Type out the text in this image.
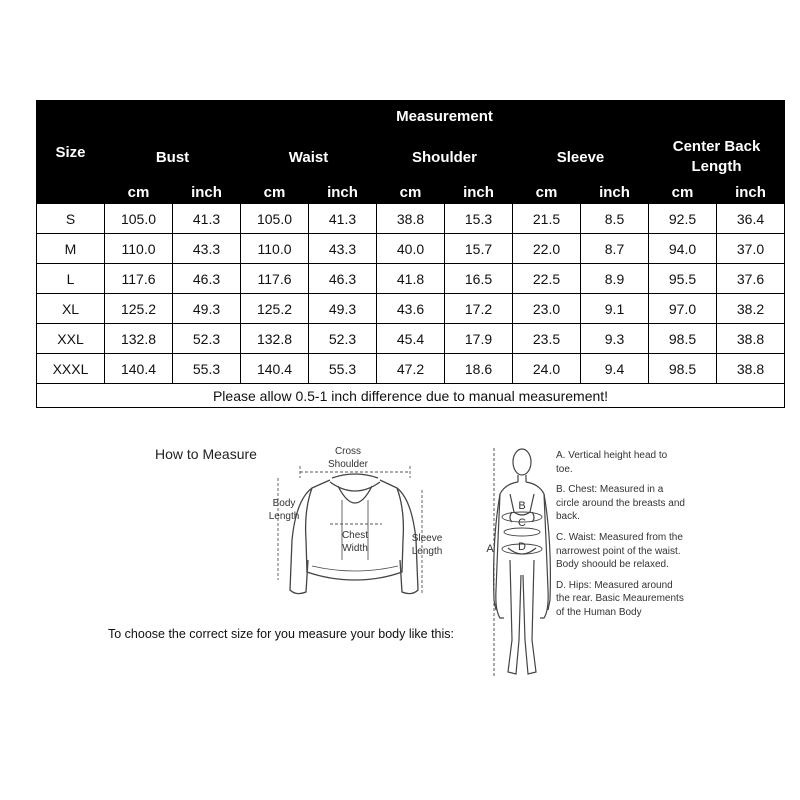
Size	Measurement									
	Bust		Waist		Shoulder		Sleeve		Center Back Length	
	cm	inch	cm	inch	cm	inch	cm	inch	cm	inch
S	105.0	41.3	105.0	41.3	38.8	15.3	21.5	8.5	92.5	36.4
M	110.0	43.3	110.0	43.3	40.0	15.7	22.0	8.7	94.0	37.0
L	117.6	46.3	117.6	46.3	41.8	16.5	22.5	8.9	95.5	37.6
XL	125.2	49.3	125.2	49.3	43.6	17.2	23.0	9.1	97.0	38.2
XXL	132.8	52.3	132.8	52.3	45.4	17.9	23.5	9.3	98.5	38.8
XXXL	140.4	55.3	140.4	55.3	47.2	18.6	24.0	9.4	98.5	38.8
Please allow 0.5-1 inch difference due to manual measurement!										
How to Measure	Cross
Shoulder
Body
Length
Chest
Width
Sleeve
Length	A
B
C
D
A. Vertical height head to toe.
B. Chest: Measured in a circle around the breasts and back.
C. Waist: Measured from the narrowest point of the waist. Body shoould be relaxed.
D. Hips: Measured around the rear. Basic Meaurements of the Human Body
To choose the correct size for you measure your body like this:
